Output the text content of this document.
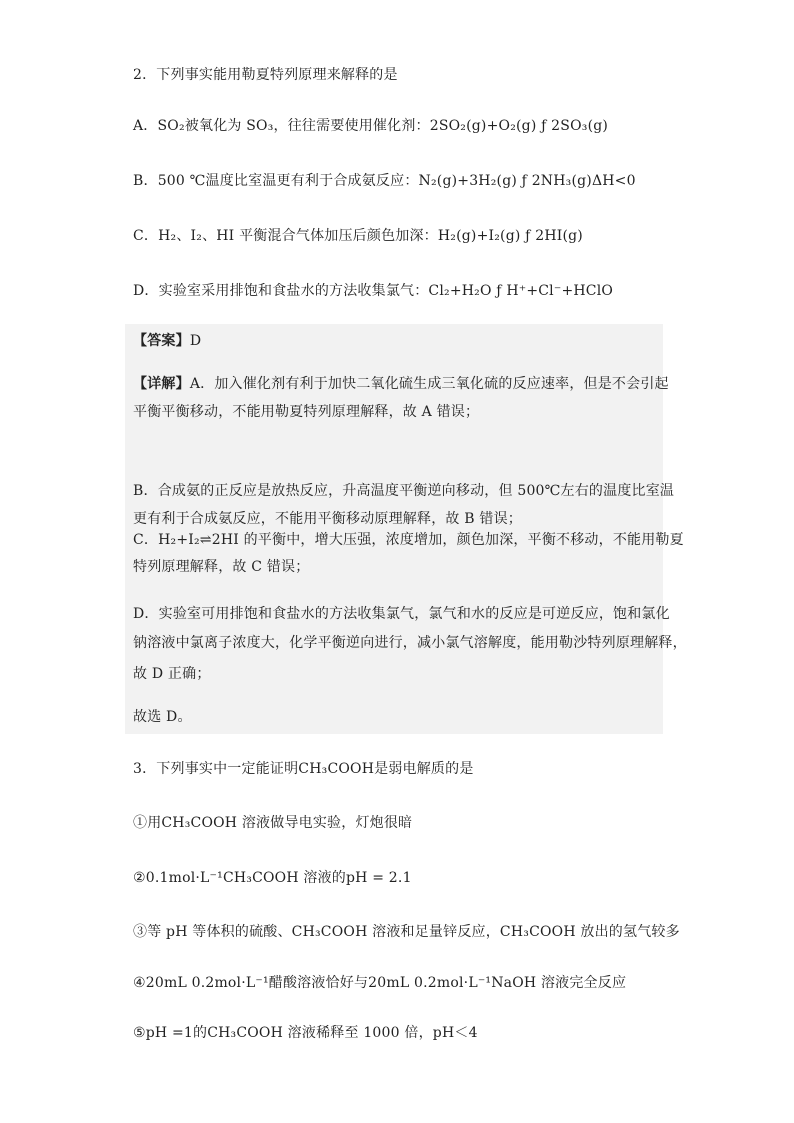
2．下列事实能用勒夏特列原理来解释的是
A．SO₂被氧化为 SO₃，往往需要使用催化剂：2SO₂(g)+O₂(g) ƒ 2SO₃(g)
B．500 ℃温度比室温更有利于合成氨反应：N₂(g)+3H₂(g) ƒ 2NH₃(g)ΔH<0
C．H₂、I₂、HI 平衡混合气体加压后颜色加深：H₂(g)+I₂(g) ƒ 2HI(g)
D．实验室采用排饱和食盐水的方法收集氯气：Cl₂+H₂O ƒ H⁺+Cl⁻+HClO
【答案】D
【详解】A．加入催化剂有利于加快二氧化硫生成三氧化硫的反应速率，但是不会引起
平衡平衡移动，不能用勒夏特列原理解释，故 A 错误；
B．合成氨的正反应是放热反应，升高温度平衡逆向移动，但 500℃左右的温度比室温
更有利于合成氨反应，不能用平衡移动原理解释，故 B 错误；
C．H₂+I₂⇌2HI 的平衡中，增大压强，浓度增加，颜色加深，平衡不移动，不能用勒夏
特列原理解释，故 C 错误；
D．实验室可用排饱和食盐水的方法收集氯气，氯气和水的反应是可逆反应，饱和氯化
钠溶液中氯离子浓度大，化学平衡逆向进行，减小氯气溶解度，能用勒沙特列原理解释，
故 D 正确；
故选 D。
3．下列事实中一定能证明CH₃COOH是弱电解质的是
①用CH₃COOH 溶液做导电实验，灯炮很暗
②0.1mol·L⁻¹CH₃COOH 溶液的pH = 2.1
③等 pH 等体积的硫酸、CH₃COOH 溶液和足量锌反应，CH₃COOH 放出的氢气较多
④20mL 0.2mol·L⁻¹醋酸溶液恰好与20mL 0.2mol·L⁻¹NaOH 溶液完全反应
⑤pH =1的CH₃COOH 溶液稀释至 1000 倍，pH＜4
